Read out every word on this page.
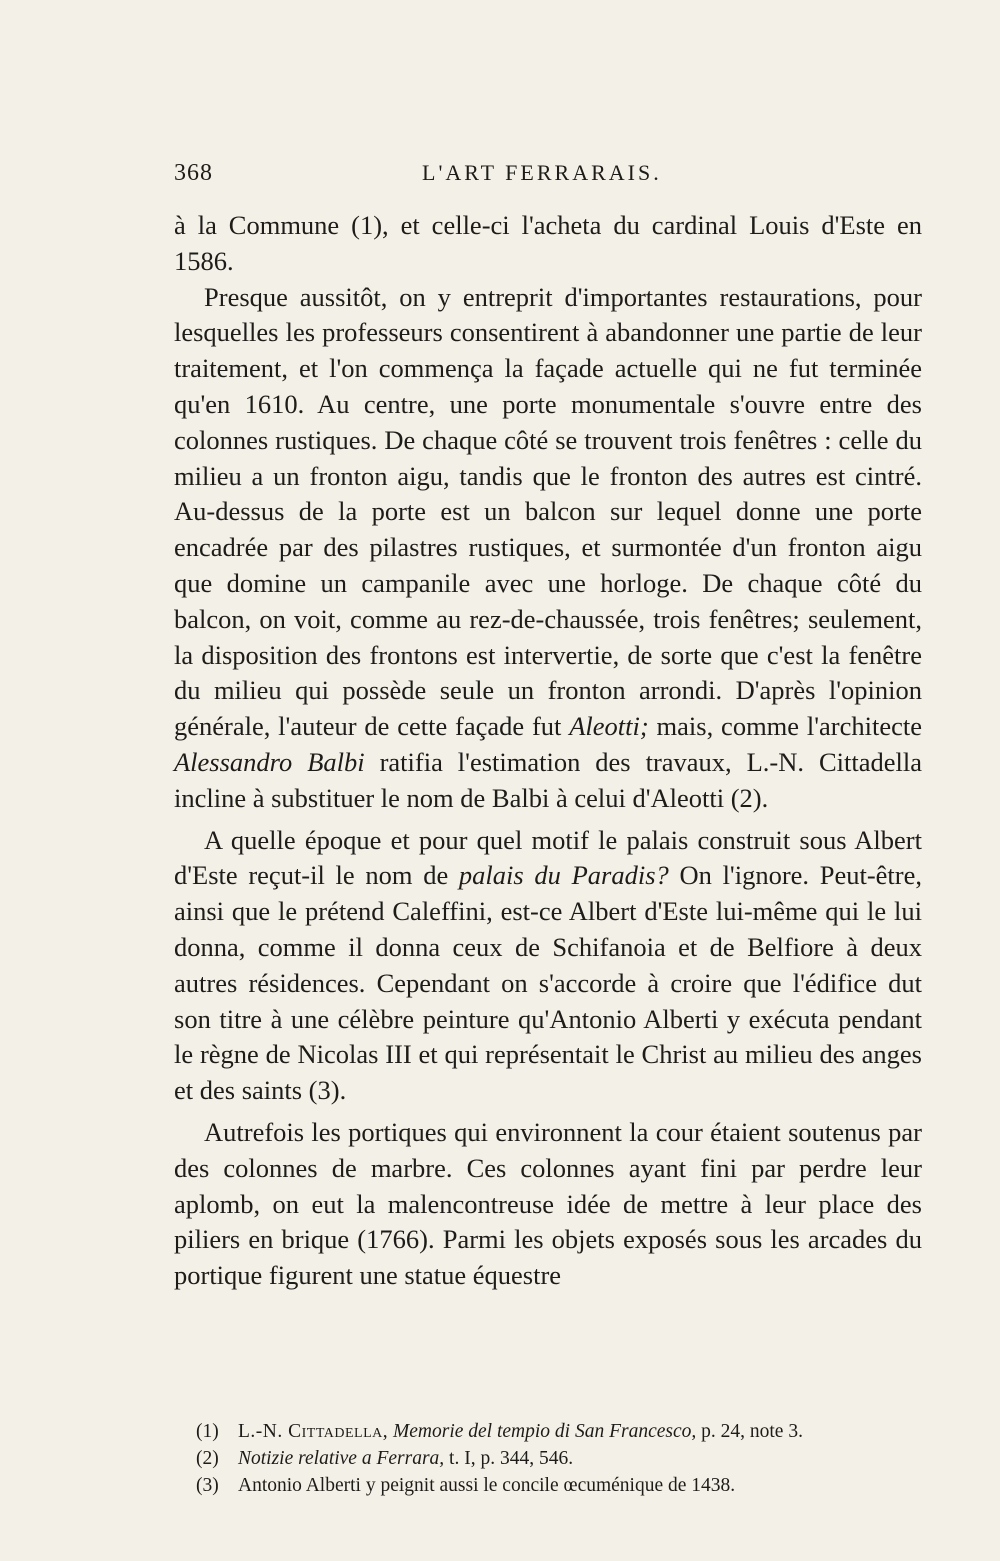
368	L'ART FERRARAIS.

à la Commune (1), et celle-ci l'acheta du cardinal Louis d'Este en 1586.

Presque aussitôt, on y entreprit d'importantes restaurations, pour lesquelles les professeurs consentirent à abandonner une partie de leur traitement, et l'on commença la façade actuelle qui ne fut terminée qu'en 1610. Au centre, une porte monumentale s'ouvre entre des colonnes rustiques. De chaque côté se trouvent trois fenêtres : celle du milieu a un fronton aigu, tandis que le fronton des autres est cintré. Au-dessus de la porte est un balcon sur lequel donne une porte encadrée par des pilastres rustiques, et surmontée d'un fronton aigu que domine un campanile avec une horloge. De chaque côté du balcon, on voit, comme au rez-de-chaussée, trois fenêtres; seulement, la disposition des frontons est intervertie, de sorte que c'est la fenêtre du milieu qui possède seule un fronton arrondi. D'après l'opinion générale, l'auteur de cette façade fut Aleotti; mais, comme l'architecte Alessandro Balbi ratifia l'estimation des travaux, L.-N. Cittadella incline à substituer le nom de Balbi à celui d'Aleotti (2).

A quelle époque et pour quel motif le palais construit sous Albert d'Este reçut-il le nom de palais du Paradis? On l'ignore. Peut-être, ainsi que le prétend Caleffini, est-ce Albert d'Este lui-même qui le lui donna, comme il donna ceux de Schifanoia et de Belfiore à deux autres résidences. Cependant on s'accorde à croire que l'édifice dut son titre à une célèbre peinture qu'Antonio Alberti y exécuta pendant le règne de Nicolas III et qui représentait le Christ au milieu des anges et des saints (3).

Autrefois les portiques qui environnent la cour étaient soutenus par des colonnes de marbre. Ces colonnes ayant fini par perdre leur aplomb, on eut la malencontreuse idée de mettre à leur place des piliers en brique (1766). Parmi les objets exposés sous les arcades du portique figurent une statue équestre

(1) L.-N. Cittadella, Memorie del tempio di San Francesco, p. 24, note 3.

(2) Notizie relative a Ferrara, t. I, p. 344, 546.

(3) Antonio Alberti y peignit aussi le concile œcuménique de 1438.
